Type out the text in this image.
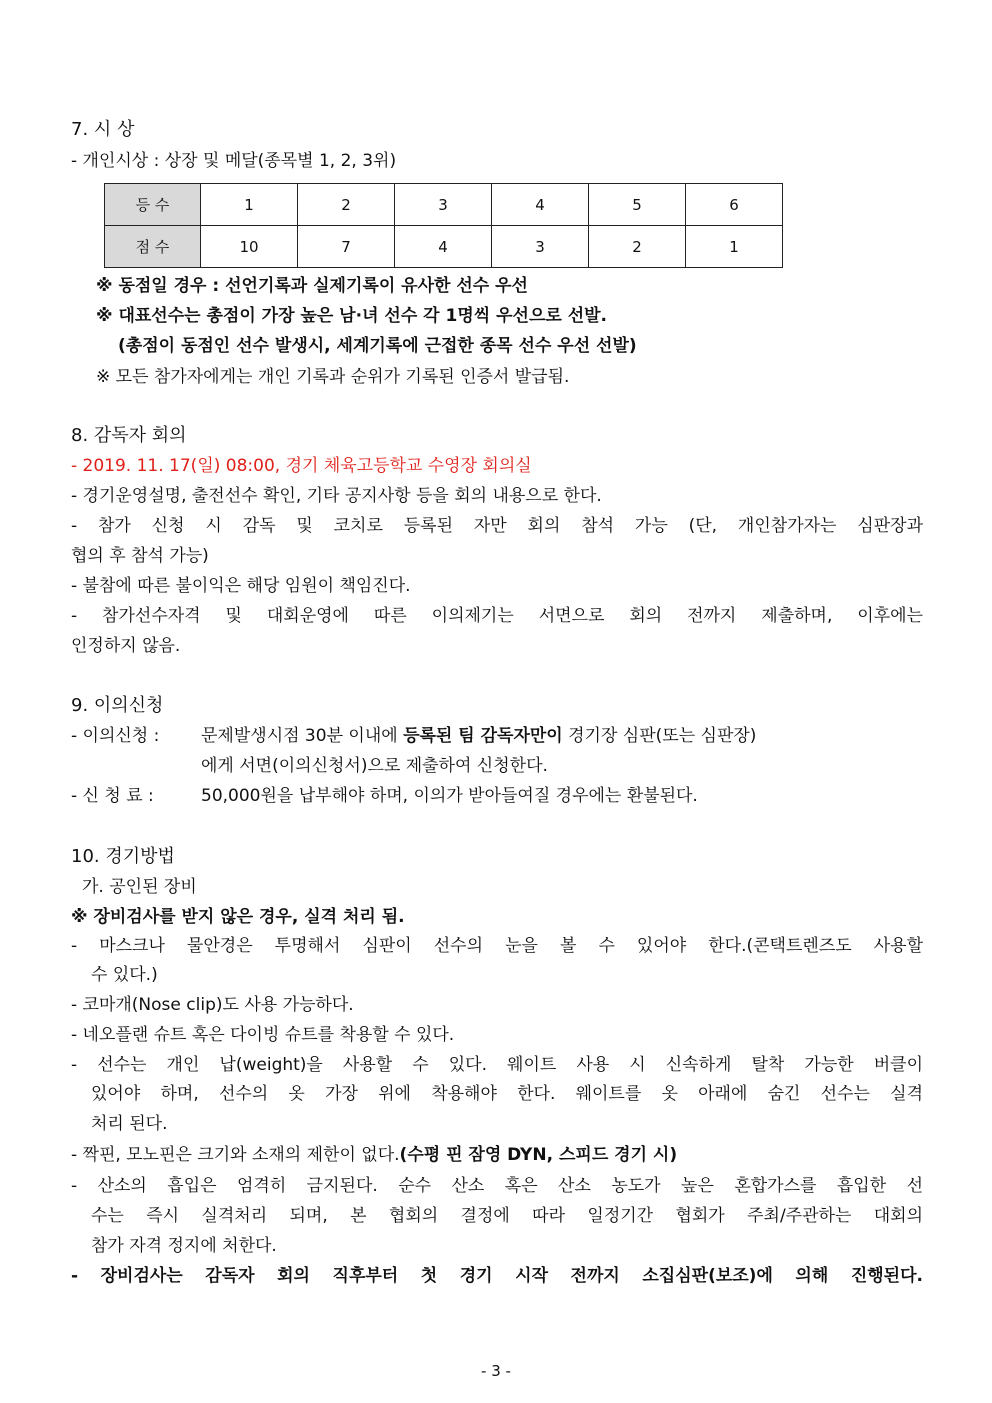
7. 시 상
- 개인시상 : 상장 및 메달(종목별 1, 2, 3위)
등 수	1	2	3	4	5	6
점 수	10	7	4	3	2	1
※ 동점일 경우 : 선언기록과 실제기록이 유사한 선수 우선
※ 대표선수는 총점이 가장 높은 남·녀 선수 각 1명씩 우선으로 선발.
(총점이 동점인 선수 발생시, 세계기록에 근접한 종목 선수 우선 선발)
※ 모든 참가자에게는 개인 기록과 순위가 기록된 인증서 발급됨.
8. 감독자 회의
- 2019. 11. 17(일) 08:00, 경기 체육고등학교 수영장 회의실
- 경기운영설명, 출전선수 확인, 기타 공지사항 등을 회의 내용으로 한다.
- 참가 신청 시 감독 및 코치로 등록된 자만 회의 참석 가능 (단, 개인참가자는 심판장과
협의 후 참석 가능)
- 불참에 따른 불이익은 해당 임원이 책임진다.
- 참가선수자격 및 대회운영에 따른 이의제기는 서면으로 회의 전까지 제출하며, 이후에는
인정하지 않음.
9. 이의신청
- 이의신청 : 문제발생시점 30분 이내에 등록된 팀 감독자만이 경기장 심판(또는 심판장)
에게 서면(이의신청서)으로 제출하여 신청한다.
- 신 청 료 :	50,000원을 납부해야 하며, 이의가 받아들여질 경우에는 환불된다.
10. 경기방법
가. 공인된 장비
※ 장비검사를 받지 않은 경우, 실격 처리 됨.
- 마스크나 물안경은 투명해서 심판이 선수의 눈을 볼 수 있어야 한다.(콘택트렌즈도 사용할
수 있다.)
- 코마개(Nose clip)도 사용 가능하다.
- 네오플랜 슈트 혹은 다이빙 슈트를 착용할 수 있다.
- 선수는 개인 납(weight)을 사용할 수 있다. 웨이트 사용 시 신속하게 탈착 가능한 버클이
있어야 하며, 선수의 옷 가장 위에 착용해야 한다. 웨이트를 옷 아래에 숨긴 선수는 실격
처리 된다.
- 짝핀, 모노핀은 크기와 소재의 제한이 없다.(수평 핀 잠영 DYN, 스피드 경기 시)
- 산소의 흡입은 엄격히 금지된다. 순수 산소 혹은 산소 농도가 높은 혼합가스를 흡입한 선
수는 즉시 실격처리 되며, 본 협회의 결정에 따라 일정기간 협회가 주최/주관하는 대회의
참가 자격 정지에 처한다.
- 장비검사는 감독자 회의 직후부터 첫 경기 시작 전까지 소집심판(보조)에 의해 진행된다.
- 3 -
